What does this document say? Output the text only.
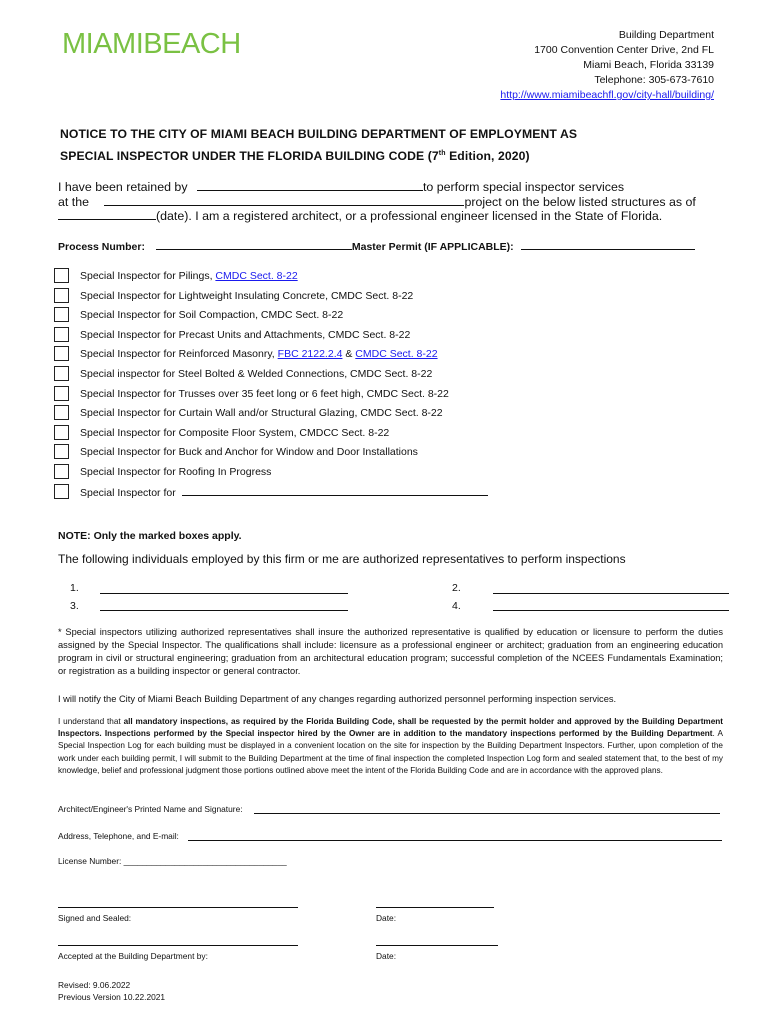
MIAMIBEACH	Building Department
1700 Convention Center Drive, 2nd FL
Miami Beach, Florida 33139
Telephone: 305-673-7610
http://www.miamibeachfl.gov/city-hall/building/
NOTICE TO THE CITY OF MIAMI BEACH BUILDING DEPARTMENT OF EMPLOYMENT AS
SPECIAL INSPECTOR UNDER THE FLORIDA BUILDING CODE (7th Edition, 2020)
I have been retained by	to perform special inspector services
at the	project on the below listed structures as of
(date). I am a registered architect, or a professional engineer licensed in the State of Florida.
Process Number:	Master Permit (IF APPLICABLE):
Special Inspector for Pilings, CMDC Sect. 8-22
Special Inspector for Lightweight Insulating Concrete, CMDC Sect. 8-22
Special Inspector for Soil Compaction, CMDC Sect. 8-22
Special Inspector for Precast Units and Attachments, CMDC Sect. 8-22
Special Inspector for Reinforced Masonry, FBC 2122.2.4 & CMDC Sect. 8-22
Special inspector for Steel Bolted & Welded Connections, CMDC Sect. 8-22
Special Inspector for Trusses over 35 feet long or 6 feet high, CMDC Sect. 8-22
Special Inspector for Curtain Wall and/or Structural Glazing, CMDC Sect. 8-22
Special Inspector for Composite Floor System, CMDCC Sect. 8-22
Special Inspector for Buck and Anchor for Window and Door Installations
Special Inspector for Roofing In Progress
Special Inspector for
NOTE: Only the marked boxes apply.
The following individuals employed by this firm or me are authorized representatives to perform inspections
1.	2.
3.	4.
* Special inspectors utilizing authorized representatives shall insure the authorized representative is qualified by education or licensure to perform the duties assigned by the Special Inspector. The qualifications shall include: licensure as a professional engineer or architect; graduation from an engineering education program in civil or structural engineering; graduation from an architectural education program; successful completion of the NCEES Fundamentals Examination; or registration as a building inspector or general contractor.
I will notify the City of Miami Beach Building Department of any changes regarding authorized personnel performing inspection services.
I understand that all mandatory inspections, as required by the Florida Building Code, shall be requested by the permit holder and approved by the Building Department Inspectors. Inspections performed by the Special inspector hired by the Owner are in addition to the mandatory inspections performed by the Building Department. A Special Inspection Log for each building must be displayed in a convenient location on the site for inspection by the Building Department Inspectors. Further, upon completion of the work under each building permit, I will submit to the Building Department at the time of final inspection the completed Inspection Log form and sealed statement that, to the best of my knowledge, belief and professional judgment those portions outlined above meet the intent of the Florida Building Code and are in accordance with the approved plans.
Architect/Engineer's Printed Name and Signature:
Address, Telephone, and E-mail:
License Number: ___________________________________
Signed and Sealed:	Date:
Accepted at the Building Department by:	Date:
Revised: 9.06.2022
Previous Version 10.22.2021
